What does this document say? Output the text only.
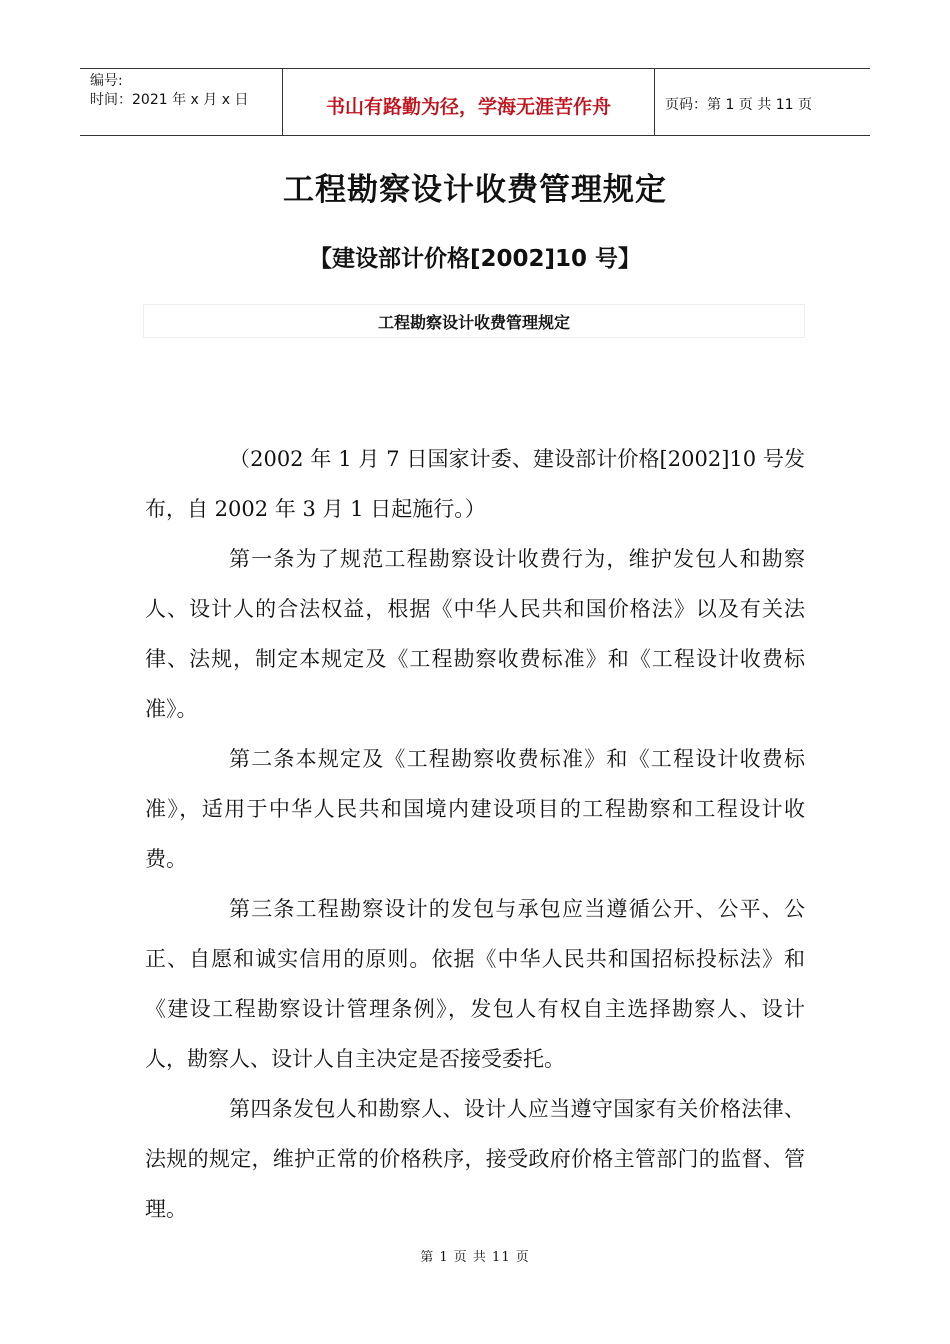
编号:
时间：2021 年 x 月 x 日	书山有路勤为径，学海无涯苦作舟	页码：第 1 页 共 11 页
工程勘察设计收费管理规定
【建设部计价格[2002]10 号】
工程勘察设计收费管理规定

（2002 年 1 月 7 日国家计委、建设部计价格[2002]10 号发布，自 2002 年 3 月 1 日起施行。）

第一条为了规范工程勘察设计收费行为，维护发包人和勘察人、设计人的合法权益，根据《中华人民共和国价格法》以及有关法律、法规，制定本规定及《工程勘察收费标准》和《工程设计收费标准》。

第二条本规定及《工程勘察收费标准》和《工程设计收费标准》，适用于中华人民共和国境内建设项目的工程勘察和工程设计收费。

第三条工程勘察设计的发包与承包应当遵循公开、公平、公正、自愿和诚实信用的原则。依据《中华人民共和国招标投标法》和《建设工程勘察设计管理条例》，发包人有权自主选择勘察人、设计人，勘察人、设计人自主决定是否接受委托。

第四条发包人和勘察人、设计人应当遵守国家有关价格法律、法规的规定，维护正常的价格秩序，接受政府价格主管部门的监督、管理。

第 1 页 共 11 页
